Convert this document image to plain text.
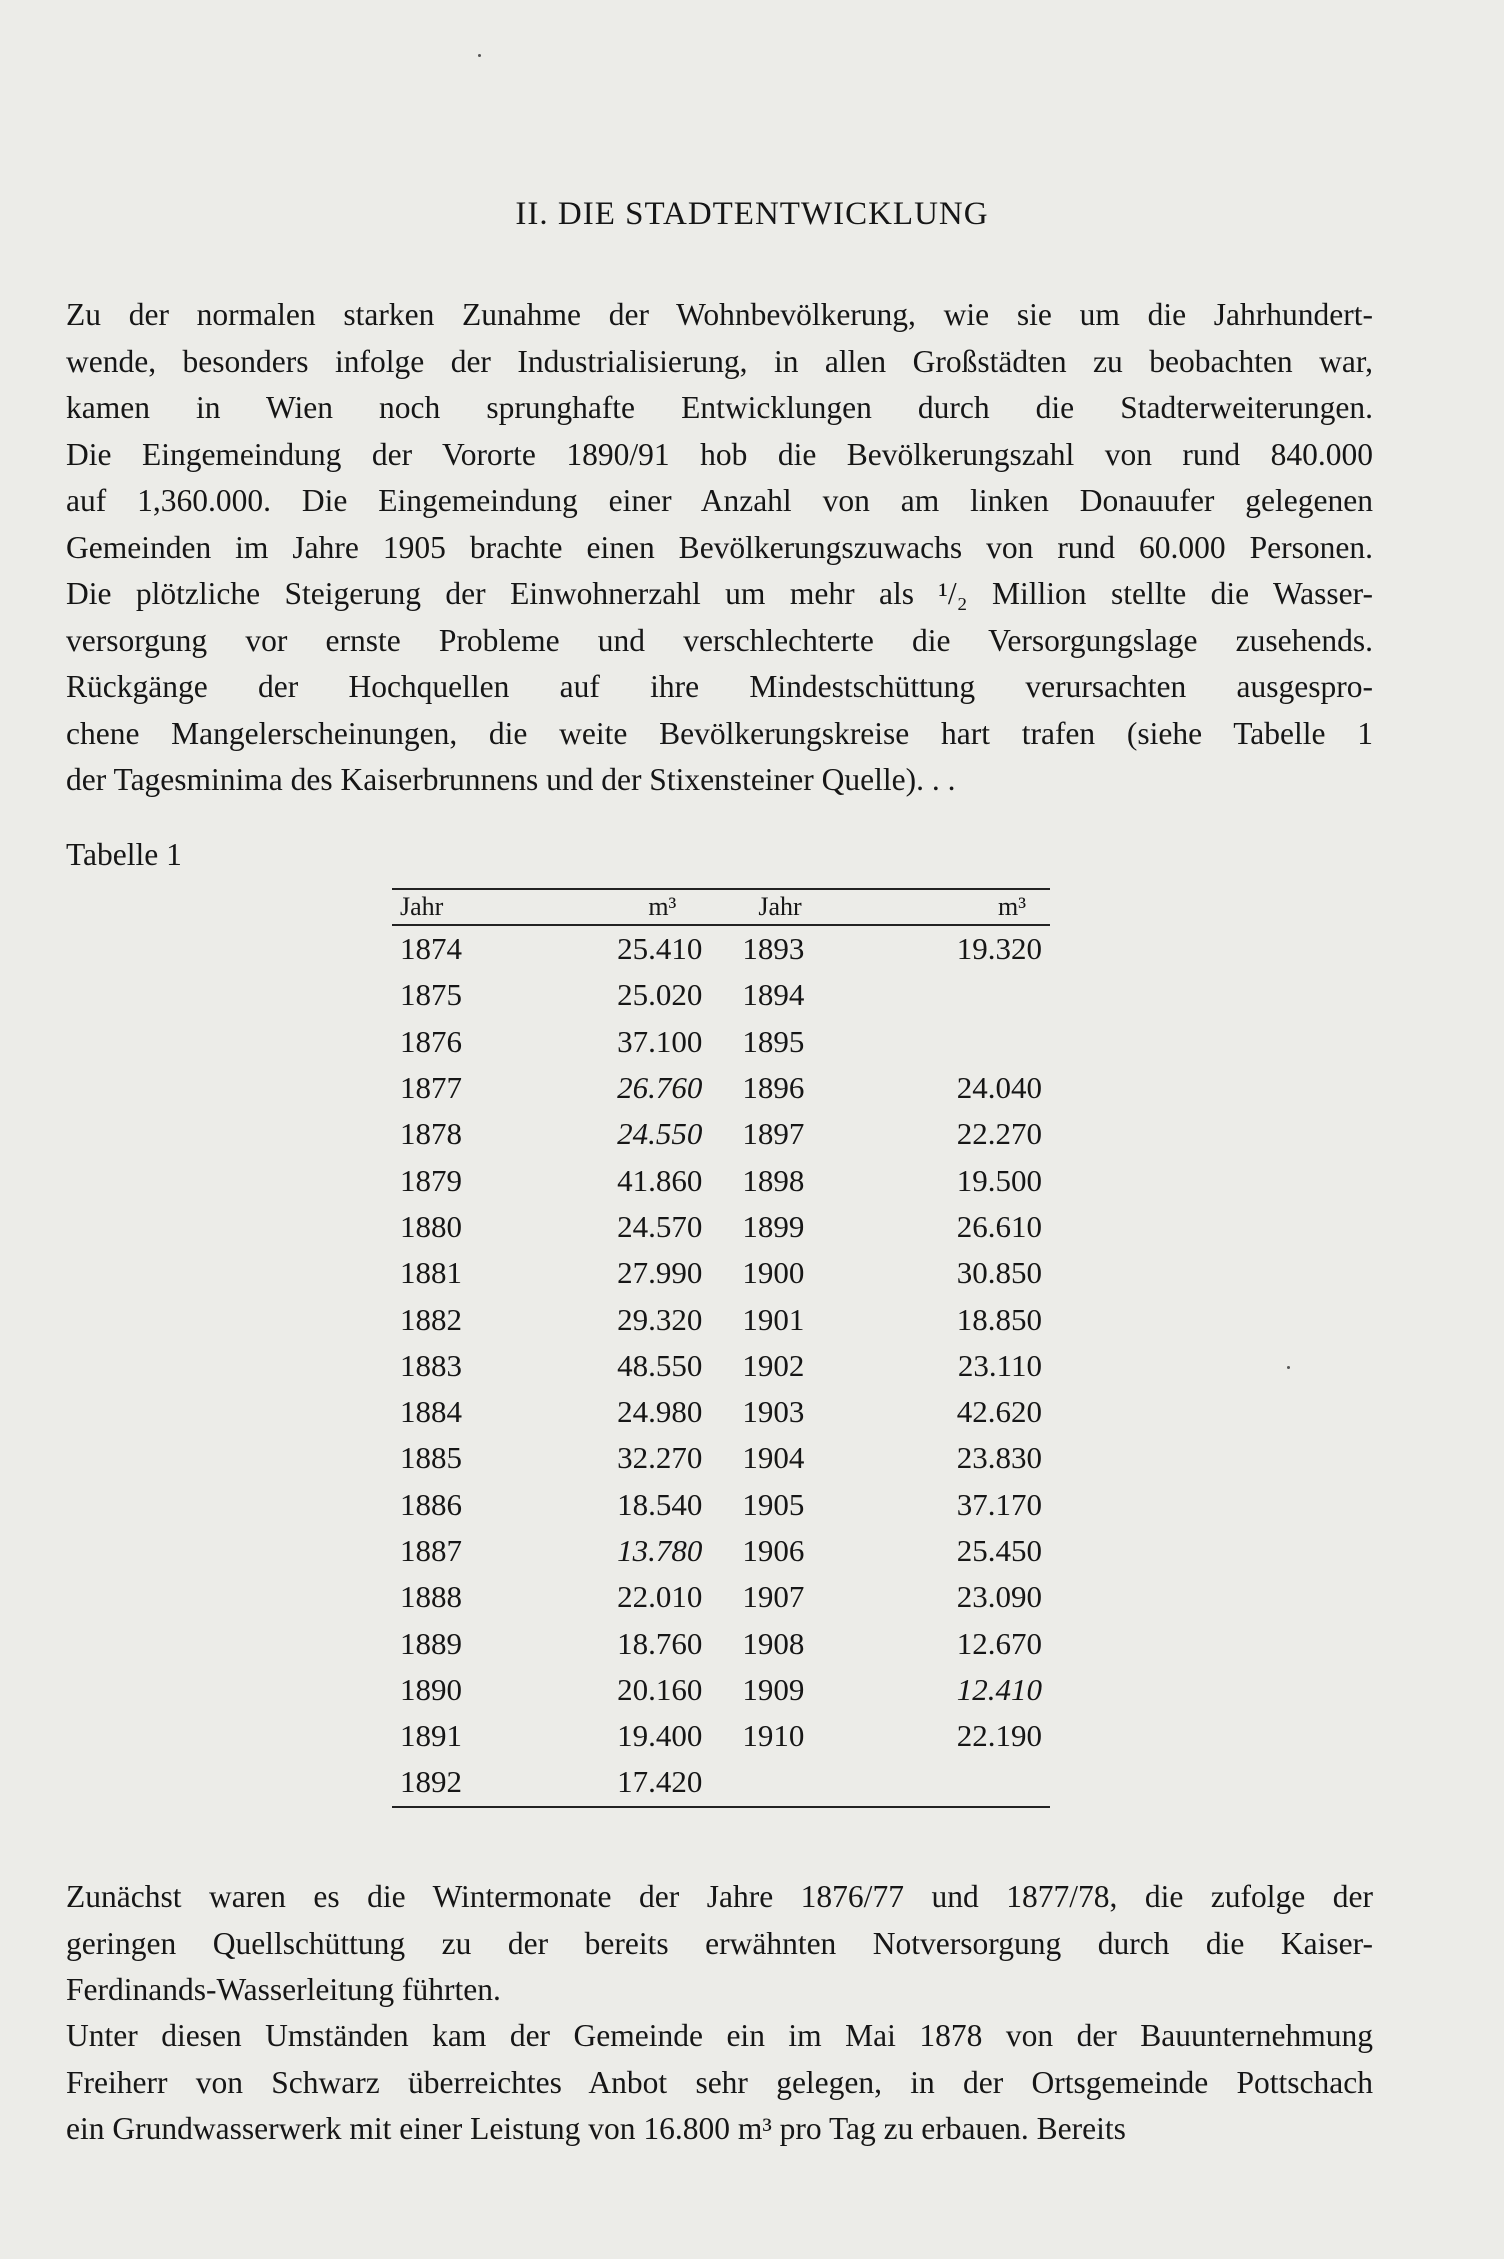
II. DIE STADTENTWICKLUNG
Zu der normalen starken Zunahme der Wohnbevölkerung, wie sie um die Jahrhundert-
wende, besonders infolge der Industrialisierung, in allen Großstädten zu beobachten war,
kamen in Wien noch sprunghafte Entwicklungen durch die Stadterweiterungen.
Die Eingemeindung der Vororte 1890/91 hob die Bevölkerungszahl von rund 840.000
auf 1,360.000. Die Eingemeindung einer Anzahl von am linken Donauufer gelegenen
Gemeinden im Jahre 1905 brachte einen Bevölkerungszuwachs von rund 60.000 Personen.
Die plötzliche Steigerung der Einwohnerzahl um mehr als ¹/₂ Million stellte die Wasser-
versorgung vor ernste Probleme und verschlechterte die Versorgungslage zusehends.
Rückgänge der Hochquellen auf ihre Mindestschüttung verursachten ausgespro-
chene Mangelerscheinungen, die weite Bevölkerungskreise hart trafen (siehe Tabelle 1
der Tagesminima des Kaiserbrunnens und der Stixensteiner Quelle). . .
Tabelle 1
Jahr	m³	Jahr	m³
1874	25.410	1893	19.320
1875	25.020	1894	
1876	37.100	1895	
1877	26.760	1896	24.040
1878	24.550	1897	22.270
1879	41.860	1898	19.500
1880	24.570	1899	26.610
1881	27.990	1900	30.850
1882	29.320	1901	18.850
1883	48.550	1902	23.110
1884	24.980	1903	42.620
1885	32.270	1904	23.830
1886	18.540	1905	37.170
1887	13.780	1906	25.450
1888	22.010	1907	23.090
1889	18.760	1908	12.670
1890	20.160	1909	12.410
1891	19.400	1910	22.190
1892	17.420		
Zunächst waren es die Wintermonate der Jahre 1876/77 und 1877/78, die zufolge der
geringen Quellschüttung zu der bereits erwähnten Notversorgung durch die Kaiser-
Ferdinands-Wasserleitung führten.
Unter diesen Umständen kam der Gemeinde ein im Mai 1878 von der Bauunternehmung
Freiherr von Schwarz überreichtes Anbot sehr gelegen, in der Ortsgemeinde Pottschach
ein Grundwasserwerk mit einer Leistung von 16.800 m³ pro Tag zu erbauen. Bereits
